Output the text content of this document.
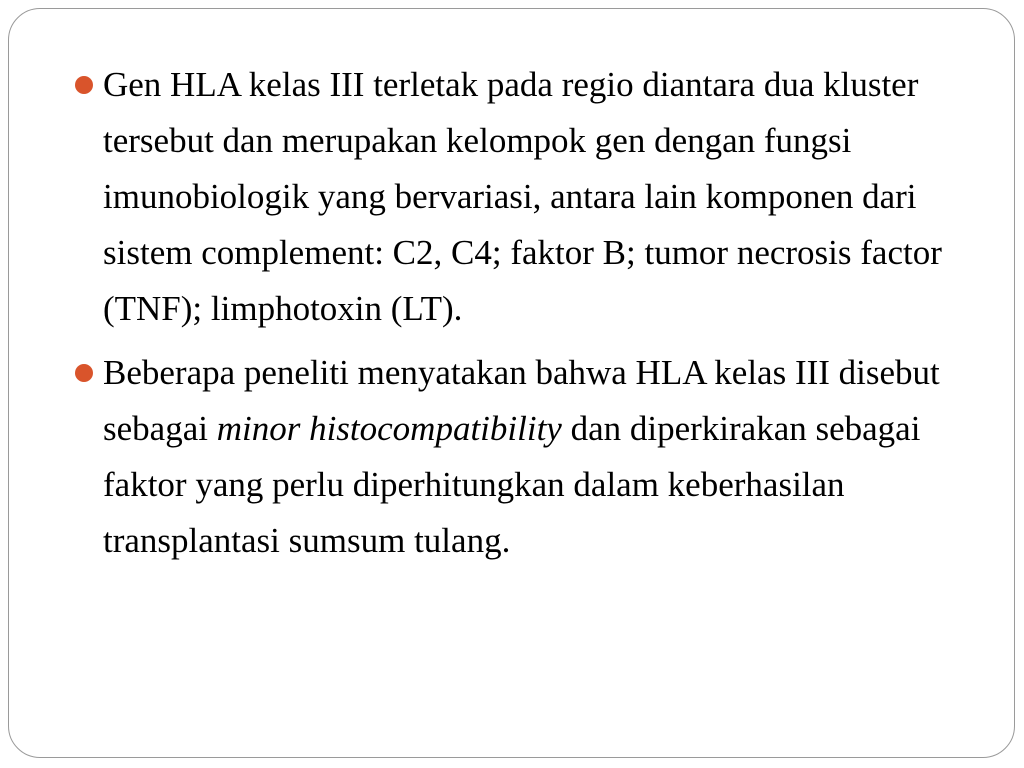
Gen HLA kelas III terletak pada regio diantara dua kluster tersebut dan merupakan kelompok gen dengan fungsi imunobiologik yang bervariasi, antara lain komponen dari sistem complement: C2, C4; faktor B; tumor necrosis factor (TNF); limphotoxin (LT).
Beberapa peneliti menyatakan bahwa HLA kelas III disebut sebagai minor histocompatibility dan diperkirakan sebagai faktor yang perlu diperhitungkan dalam keberhasilan transplantasi sumsum tulang.
